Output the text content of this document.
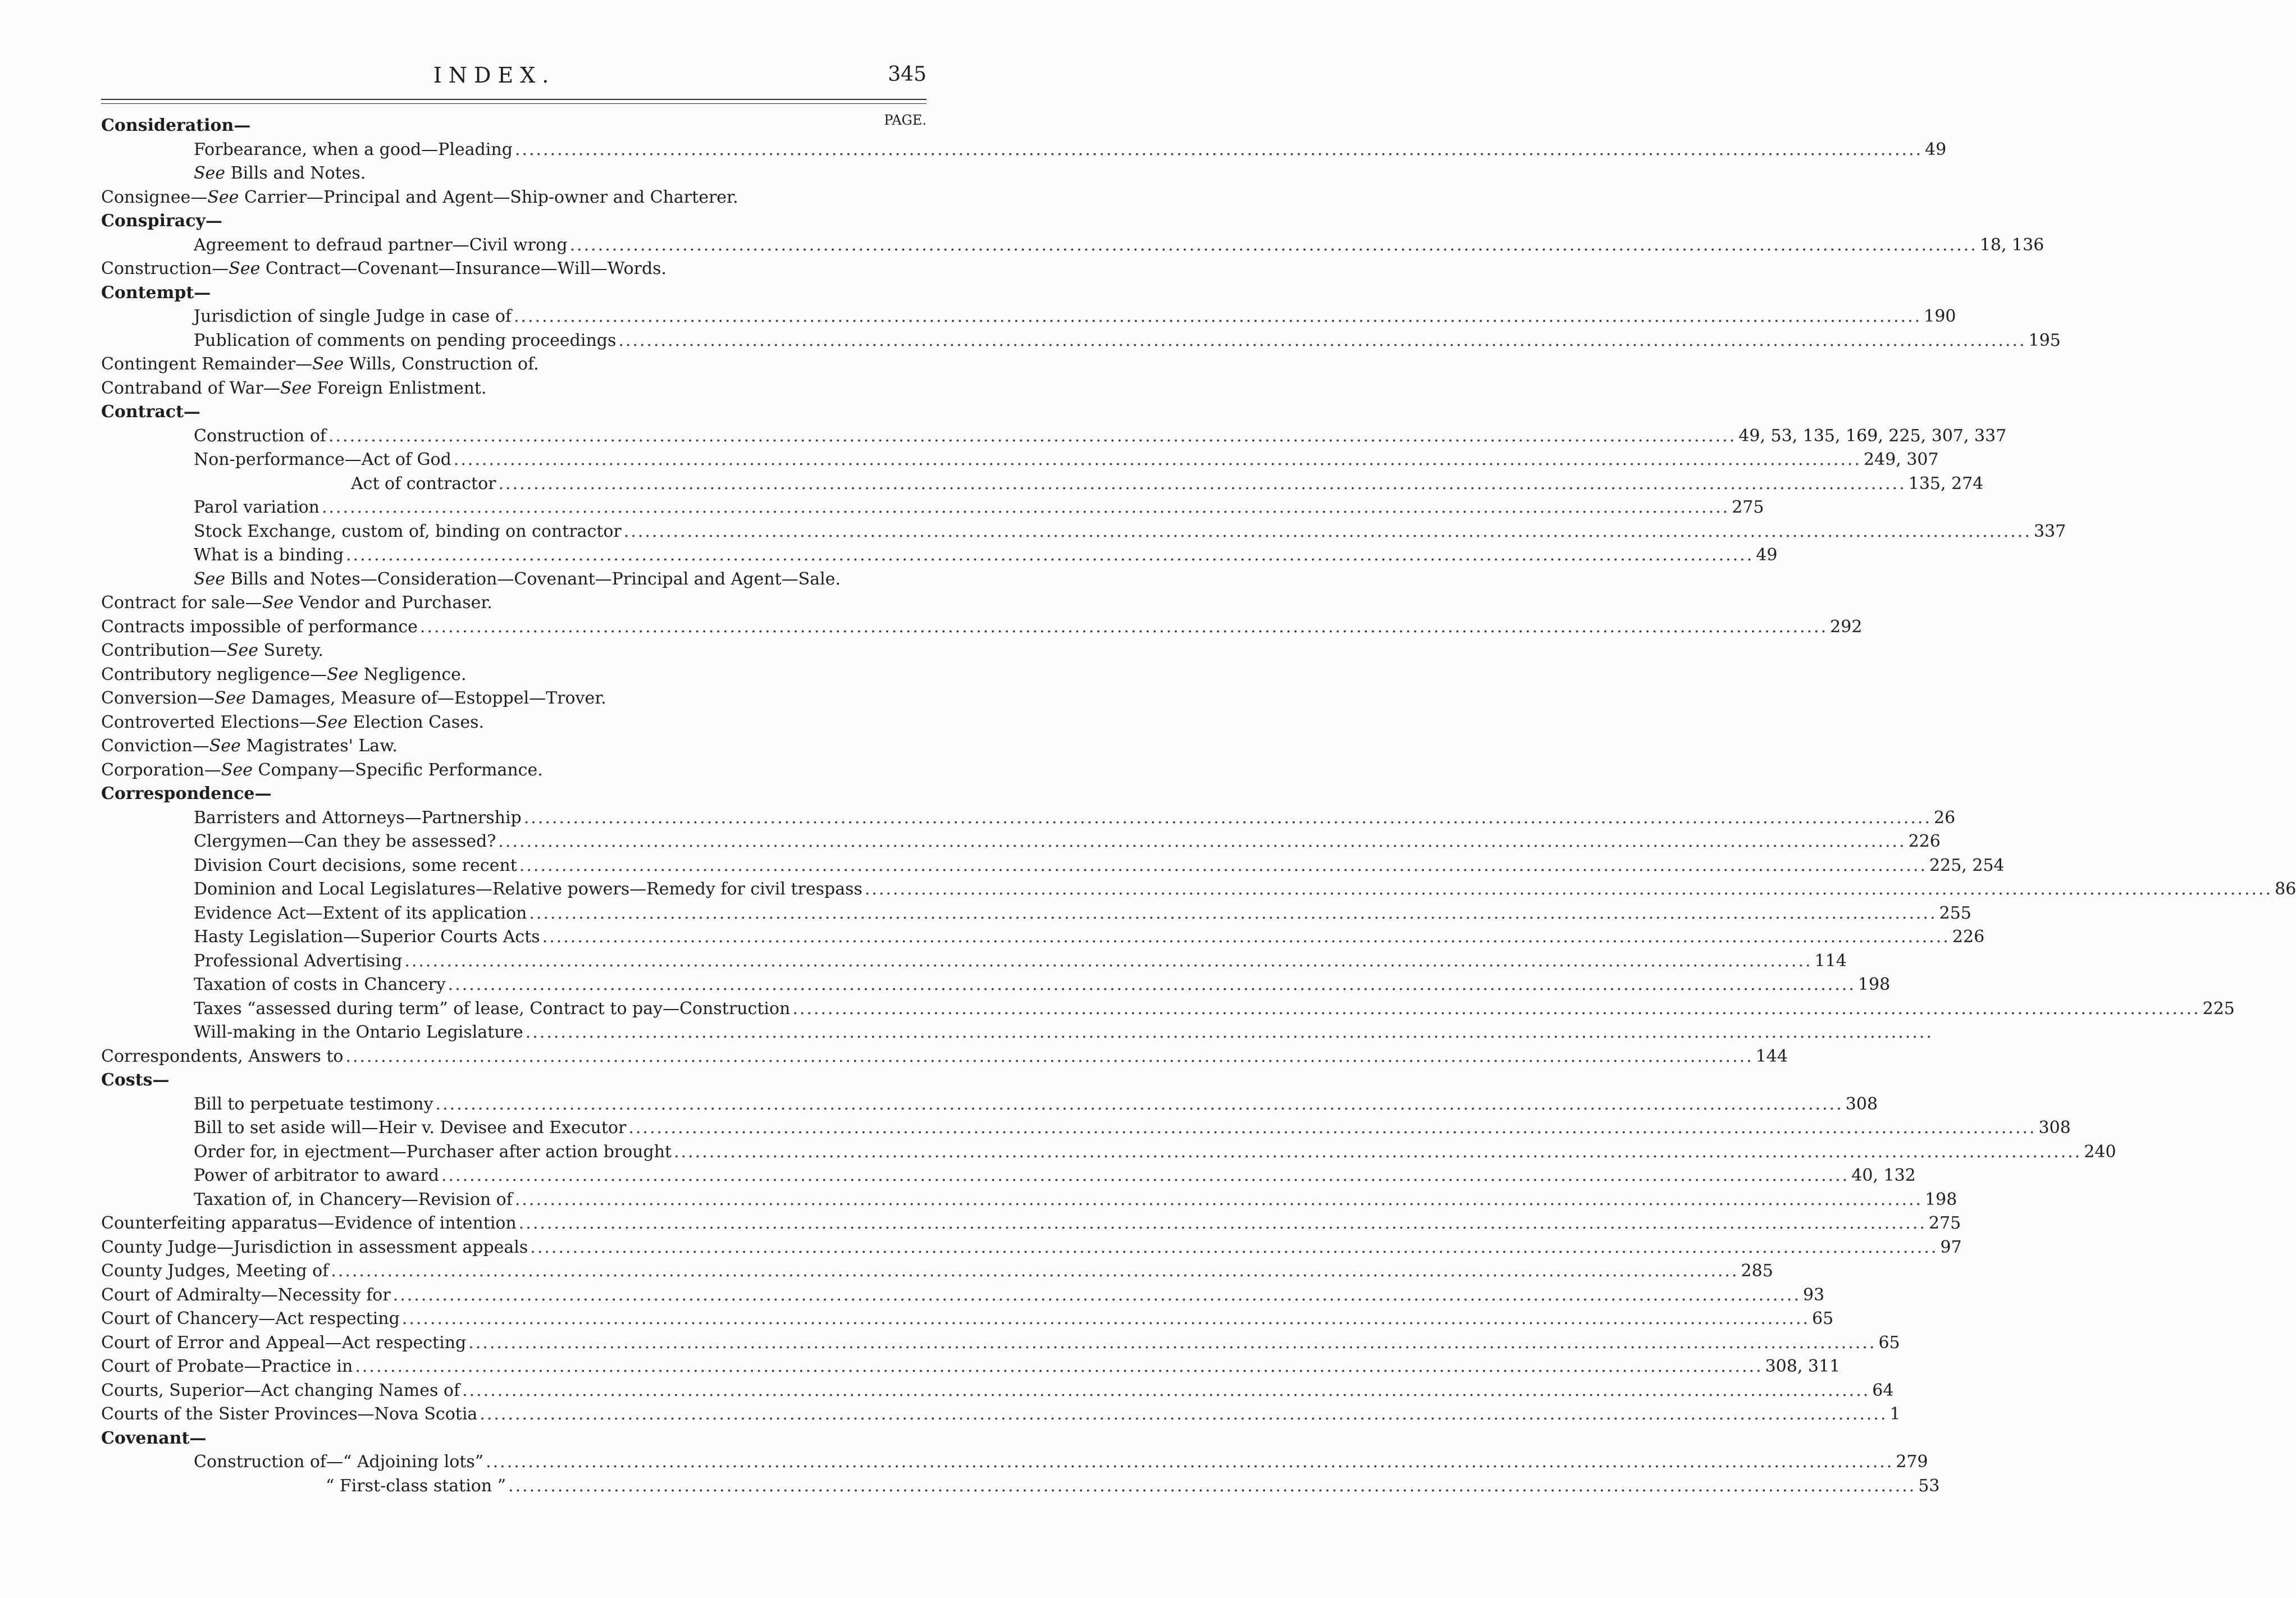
INDEX.	345
PAGE.
Consideration—
Forbearance, when a good—Pleading ........................................................................................................................................................................................................ 49
See Bills and Notes.
Consignee—See Carrier—Principal and Agent—Ship-owner and Charterer.
Conspiracy—
Agreement to defraud partner—Civil wrong ........................................................................................................................................................................................................ 18, 136
Construction—See Contract—Covenant—Insurance—Will—Words.
Contempt—
Jurisdiction of single Judge in case of ........................................................................................................................................................................................................ 190
Publication of comments on pending proceedings ........................................................................................................................................................................................................ 195
Contingent Remainder—See Wills, Construction of.
Contraband of War—See Foreign Enlistment.
Contract—
Construction of ........................................................................................................................................................................................................ 49, 53, 135, 169, 225, 307, 337
Non-performance—Act of God ........................................................................................................................................................................................................ 249, 307
Act of contractor ........................................................................................................................................................................................................ 135, 274
Parol variation ........................................................................................................................................................................................................ 275
Stock Exchange, custom of, binding on contractor ........................................................................................................................................................................................................ 337
What is a binding ........................................................................................................................................................................................................ 49
See Bills and Notes—Consideration—Covenant—Principal and Agent—Sale.
Contract for sale—See Vendor and Purchaser.
Contracts impossible of performance ........................................................................................................................................................................................................ 292
Contribution—See Surety.
Contributory negligence—See Negligence.
Conversion—See Damages, Measure of—Estoppel—Trover.
Controverted Elections—See Election Cases.
Conviction—See Magistrates' Law.
Corporation—See Company—Specific Performance.
Correspondence—
Barristers and Attorneys—Partnership ........................................................................................................................................................................................................ 26
Clergymen—Can they be assessed? ........................................................................................................................................................................................................ 226
Division Court decisions, some recent ........................................................................................................................................................................................................ 225, 254
Dominion and Local Legislatures—Relative powers—Remedy for civil trespass ........................................................................................................................................................................................................ 86
Evidence Act—Extent of its application ........................................................................................................................................................................................................ 255
Hasty Legislation—Superior Courts Acts ........................................................................................................................................................................................................ 226
Professional Advertising ........................................................................................................................................................................................................ 114
Taxation of costs in Chancery ........................................................................................................................................................................................................ 198
Taxes “assessed during term” of lease, Contract to pay—Construction ........................................................................................................................................................................................................ 225
Will-making in the Ontario Legislature ........................................................................................................................................................................................................
Correspondents, Answers to ........................................................................................................................................................................................................ 144
Costs—
Bill to perpetuate testimony ........................................................................................................................................................................................................ 308
Bill to set aside will—Heir v. Devisee and Executor ........................................................................................................................................................................................................ 308
Order for, in ejectment—Purchaser after action brought ........................................................................................................................................................................................................ 240
Power of arbitrator to award ........................................................................................................................................................................................................ 40, 132
Taxation of, in Chancery—Revision of ........................................................................................................................................................................................................ 198
Counterfeiting apparatus—Evidence of intention ........................................................................................................................................................................................................ 275
County Judge—Jurisdiction in assessment appeals ........................................................................................................................................................................................................ 97
County Judges, Meeting of ........................................................................................................................................................................................................ 285
Court of Admiralty—Necessity for ........................................................................................................................................................................................................ 93
Court of Chancery—Act respecting ........................................................................................................................................................................................................ 65
Court of Error and Appeal—Act respecting ........................................................................................................................................................................................................ 65
Court of Probate—Practice in ........................................................................................................................................................................................................ 308, 311
Courts, Superior—Act changing Names of ........................................................................................................................................................................................................ 64
Courts of the Sister Provinces—Nova Scotia ........................................................................................................................................................................................................ 1
Covenant—
Construction of—“ Adjoining lots” ........................................................................................................................................................................................................ 279
“ First-class station ” ........................................................................................................................................................................................................ 53
